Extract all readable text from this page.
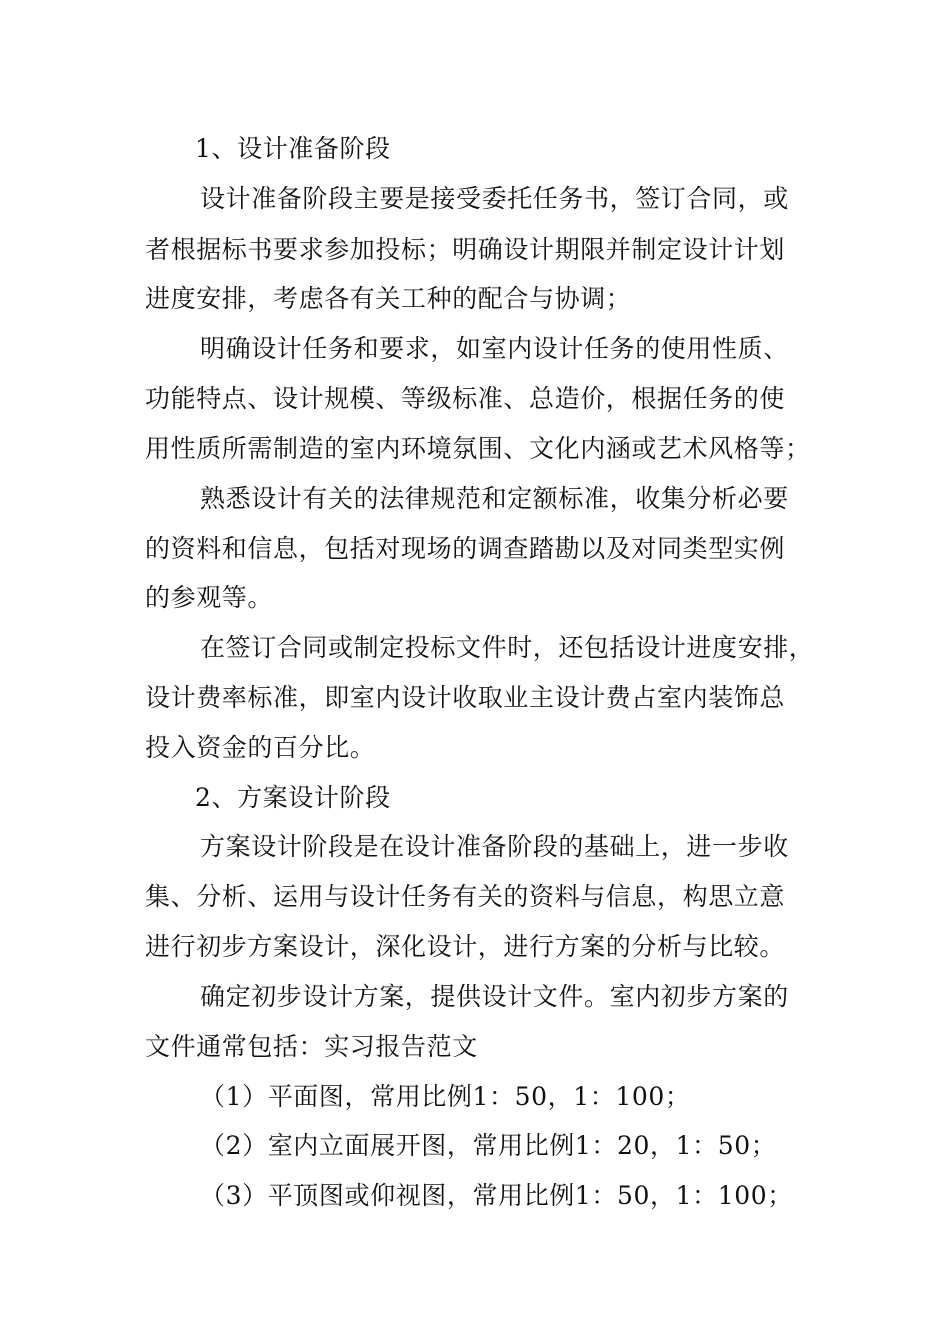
1、设计准备阶段
设计准备阶段主要是接受委托任务书，签订合同，或
者根据标书要求参加投标；明确设计期限并制定设计计划
进度安排，考虑各有关工种的配合与协调；
明确设计任务和要求，如室内设计任务的使用性质、
功能特点、设计规模、等级标准、总造价，根据任务的使
用性质所需制造的室内环境氛围、文化内涵或艺术风格等；
熟悉设计有关的法律规范和定额标准，收集分析必要
的资料和信息，包括对现场的调查踏勘以及对同类型实例
的参观等。
在签订合同或制定投标文件时，还包括设计进度安排，
设计费率标准，即室内设计收取业主设计费占室内装饰总
投入资金的百分比。
2、方案设计阶段
方案设计阶段是在设计准备阶段的基础上，进一步收
集、分析、运用与设计任务有关的资料与信息，构思立意
进行初步方案设计，深化设计，进行方案的分析与比较。
确定初步设计方案，提供设计文件。室内初步方案的
文件通常包括：实习报告范文
（1）平面图，常用比例1：50，1：100；
（2）室内立面展开图，常用比例1：20，1：50；
（3）平顶图或仰视图，常用比例1：50，1：100；
